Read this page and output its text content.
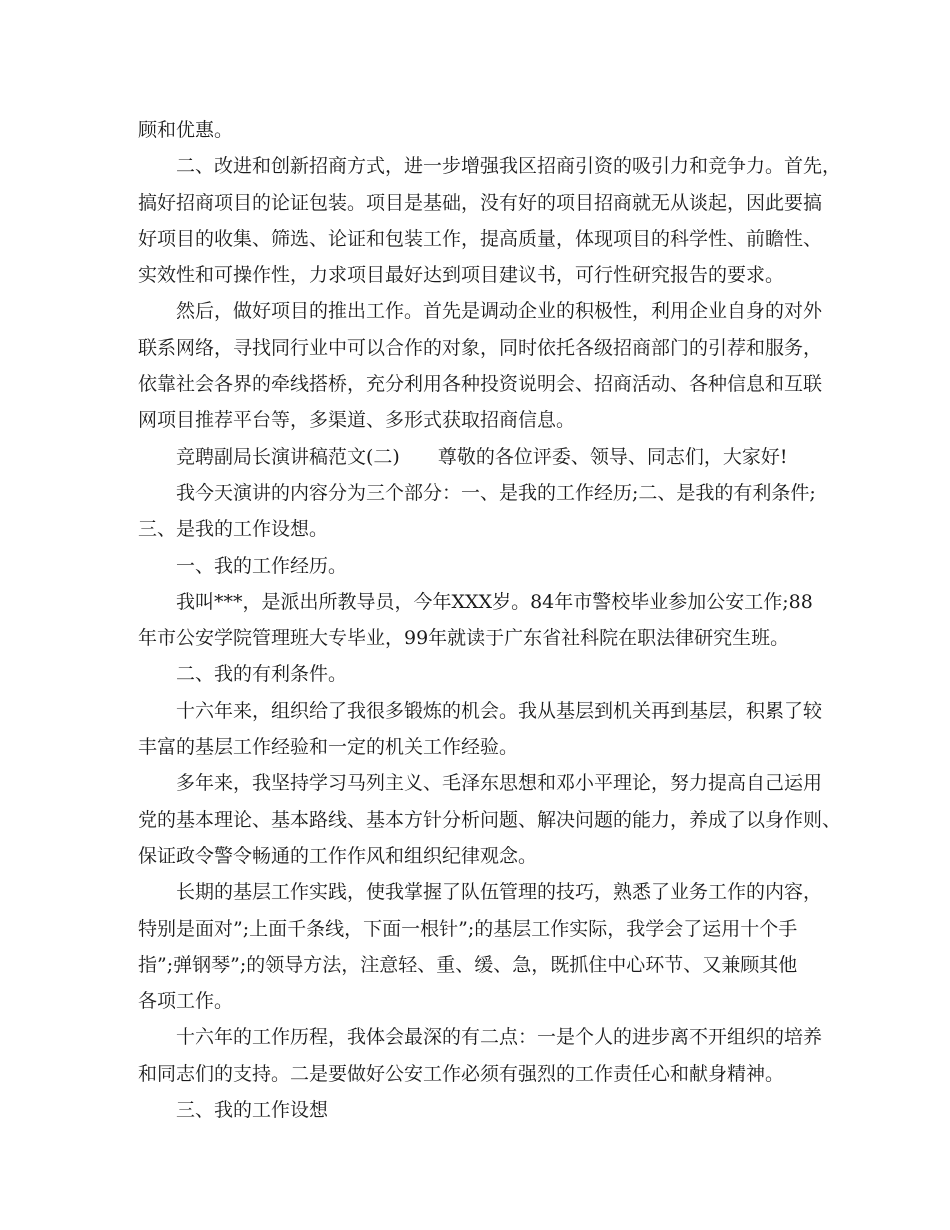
顾和优惠。
二、改进和创新招商方式，进一步增强我区招商引资的吸引力和竞争力。首先，
搞好招商项目的论证包装。项目是基础，没有好的项目招商就无从谈起，因此要搞
好项目的收集、筛选、论证和包装工作，提高质量，体现项目的科学性、前瞻性、
实效性和可操作性，力求项目最好达到项目建议书，可行性研究报告的要求。
然后，做好项目的推出工作。首先是调动企业的积极性，利用企业自身的对外
联系网络，寻找同行业中可以合作的对象，同时依托各级招商部门的引荐和服务，
依靠社会各界的牵线搭桥，充分利用各种投资说明会、招商活动、各种信息和互联
网项目推荐平台等，多渠道、多形式获取招商信息。
竞聘副局长演讲稿范文(二)　　尊敬的各位评委、领导、同志们，大家好!
我今天演讲的内容分为三个部分：一、是我的工作经历;二、是我的有利条件;
三、是我的工作设想。
一、我的工作经历。
我叫***，是派出所教导员，今年XXX岁。84年市警校毕业参加公安工作;88
年市公安学院管理班大专毕业，99年就读于广东省社科院在职法律研究生班。
二、我的有利条件。
十六年来，组织给了我很多锻炼的机会。我从基层到机关再到基层，积累了较
丰富的基层工作经验和一定的机关工作经验。
多年来，我坚持学习马列主义、毛泽东思想和邓小平理论，努力提高自己运用
党的基本理论、基本路线、基本方针分析问题、解决问题的能力，养成了以身作则、
保证政令警令畅通的工作作风和组织纪律观念。
长期的基层工作实践，使我掌握了队伍管理的技巧，熟悉了业务工作的内容，
特别是面对”;上面千条线，下面一根针”;的基层工作实际，我学会了运用十个手
指”;弹钢琴”;的领导方法，注意轻、重、缓、急，既抓住中心环节、又兼顾其他
各项工作。
十六年的工作历程，我体会最深的有二点：一是个人的进步离不开组织的培养
和同志们的支持。二是要做好公安工作必须有强烈的工作责任心和献身精神。
三、我的工作设想
